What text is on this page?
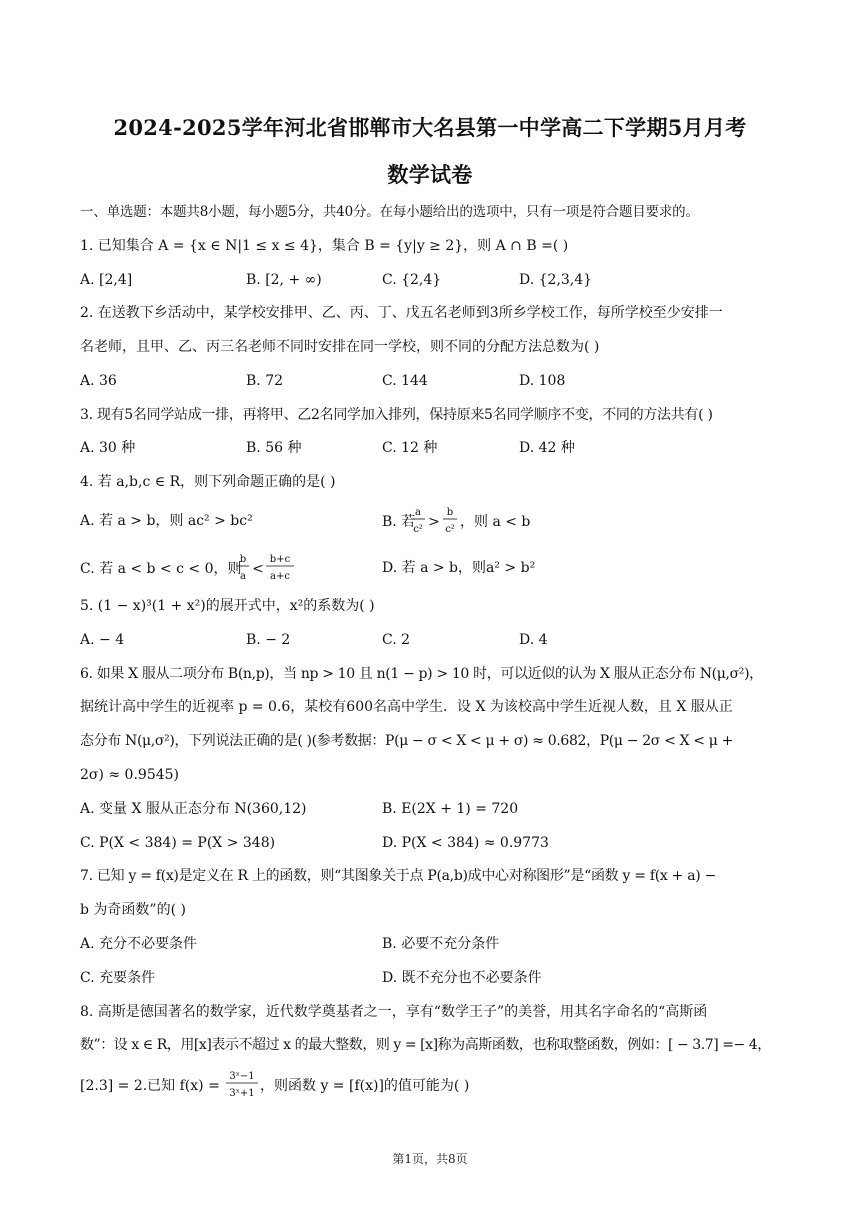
2024-2025学年河北省邯郸市大名县第一中学高二下学期5月月考
数学试卷
一、单选题：本题共8小题，每小题5分，共40分。在每小题给出的选项中，只有一项是符合题目要求的。
1. 已知集合 A = {x ∈ N|1 ≤ x ≤ 4}，集合 B = {y|y ≥ 2}，则 A ∩ B =( )
A. [2,4]	B. [2, + ∞)	C. {2,4}	D. {2,3,4}
2. 在送教下乡活动中，某学校安排甲、乙、丙、丁、戊五名老师到3所乡学校工作，每所学校至少安排一
名老师，且甲、乙、丙三名老师不同时安排在同一学校，则不同的分配方法总数为( )
A. 36	B. 72	C. 144	D. 108
3. 现有5名同学站成一排，再将甲、乙2名同学加入排列，保持原来5名同学顺序不变，不同的方法共有( )
A. 30 种	B. 56 种	C. 12 种	D. 42 种
4. 若 a,b,c ∈ R，则下列命题正确的是( )
A. 若 a > b，则 ac² > bc²	B. 若
a
c² >
b
c² ，则 a < b
C. 若 a < b < c < 0，则
b
a <
b+c
a+c
D. 若 a > b，则a² > b²
5. (1 − x)³(1 + x²)的展开式中，x²的系数为( )
A. − 4	B. − 2	C. 2	D. 4
6. 如果 X 服从二项分布 B(n,p)，当 np > 10 且 n(1 − p) > 10 时，可以近似的认为 X 服从正态分布 N(μ,σ²)，
据统计高中学生的近视率 p = 0.6，某校有600名高中学生．设 X 为该校高中学生近视人数，且 X 服从正
态分布 N(μ,σ²)，下列说法正确的是( )(参考数据：P(μ − σ < X < μ + σ) ≈ 0.682，P(μ − 2σ < X < μ +
2σ) ≈ 0.9545)
A. 变量 X 服从正态分布 N(360,12)	B. E(2X + 1) = 720
C. P(X < 384) = P(X > 348)	D. P(X < 384) ≈ 0.9773
7. 已知 y = f(x)是定义在 R 上的函数，则“其图象关于点 P(a,b)成中心对称图形”是“函数 y = f(x + a) −
b 为奇函数”的( )
A. 充分不必要条件	B. 必要不充分条件
C. 充要条件	D. 既不充分也不必要条件
8. 高斯是德国著名的数学家，近代数学奠基者之一，享有“数学王子”的美誉，用其名字命名的“高斯函
数”：设 x ∈ R，用[x]表示不超过 x 的最大整数，则 y = [x]称为高斯函数，也称取整函数，例如：[ − 3.7] =− 4，
[2.3] = 2.已知 f(x) =
3ˣ−1
3ˣ+1 ，则函数 y = [f(x)]的值可能为( )
第1页，共8页
